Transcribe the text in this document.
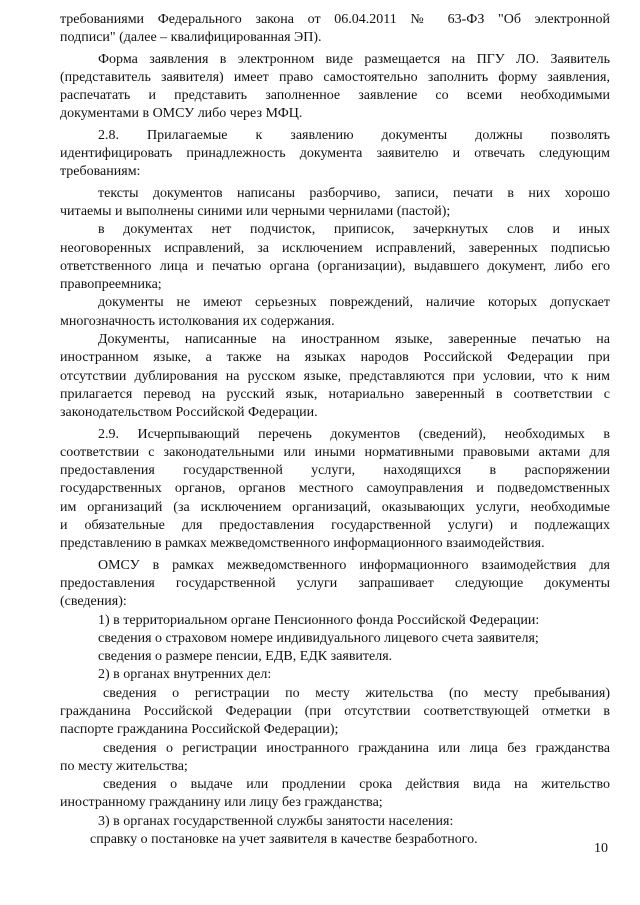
требованиями Федерального закона от 06.04.2011 № 63-ФЗ "Об электронной
подписи" (далее – квалифицированная ЭП).
Форма заявления в электронном виде размещается на ПГУ ЛО. Заявитель
(представитель заявителя) имеет право самостоятельно заполнить форму заявления,
распечатать и представить заполненное заявление со всеми необходимыми
документами в ОМСУ либо через МФЦ.
2.8. Прилагаемые к заявлению документы должны позволять
идентифицировать принадлежность документа заявителю и отвечать следующим
требованиям:
тексты документов написаны разборчиво, записи, печати в них хорошо
читаемы и выполнены синими или черными чернилами (пастой);
в документах нет подчисток, приписок, зачеркнутых слов и иных
неоговоренных исправлений, за исключением исправлений, заверенных подписью
ответственного лица и печатью органа (организации), выдавшего документ, либо его
правопреемника;
документы не имеют серьезных повреждений, наличие которых допускает
многозначность истолкования их содержания.
Документы, написанные на иностранном языке, заверенные печатью на
иностранном языке, а также на языках народов Российской Федерации при
отсутствии дублирования на русском языке, представляются при условии, что к ним
прилагается перевод на русский язык, нотариально заверенный в соответствии с
законодательством Российской Федерации.
2.9. Исчерпывающий перечень документов (сведений), необходимых в
соответствии с законодательными или иными нормативными правовыми актами для
предоставления государственной услуги, находящихся в распоряжении
государственных органов, органов местного самоуправления и подведомственных
им организаций (за исключением организаций, оказывающих услуги, необходимые
и обязательные для предоставления государственной услуги) и подлежащих
представлению в рамках межведомственного информационного взаимодействия.
ОМСУ в рамках межведомственного информационного взаимодействия для
предоставления государственной услуги запрашивает следующие документы
(сведения):
1) в территориальном органе Пенсионного фонда Российской Федерации:
сведения о страховом номере индивидуального лицевого счета заявителя;
сведения о размере пенсии, ЕДВ, ЕДК заявителя.
2) в органах внутренних дел:
сведения о регистрации по месту жительства (по месту пребывания)
гражданина Российской Федерации (при отсутствии соответствующей отметки в
паспорте гражданина Российской Федерации);
сведения о регистрации иностранного гражданина или лица без гражданства
по месту жительства;
сведения о выдаче или продлении срока действия вида на жительство
иностранному гражданину или лицу без гражданства;
3) в органах государственной службы занятости населения:
справку о постановке на учет заявителя в качестве безработного.
10
